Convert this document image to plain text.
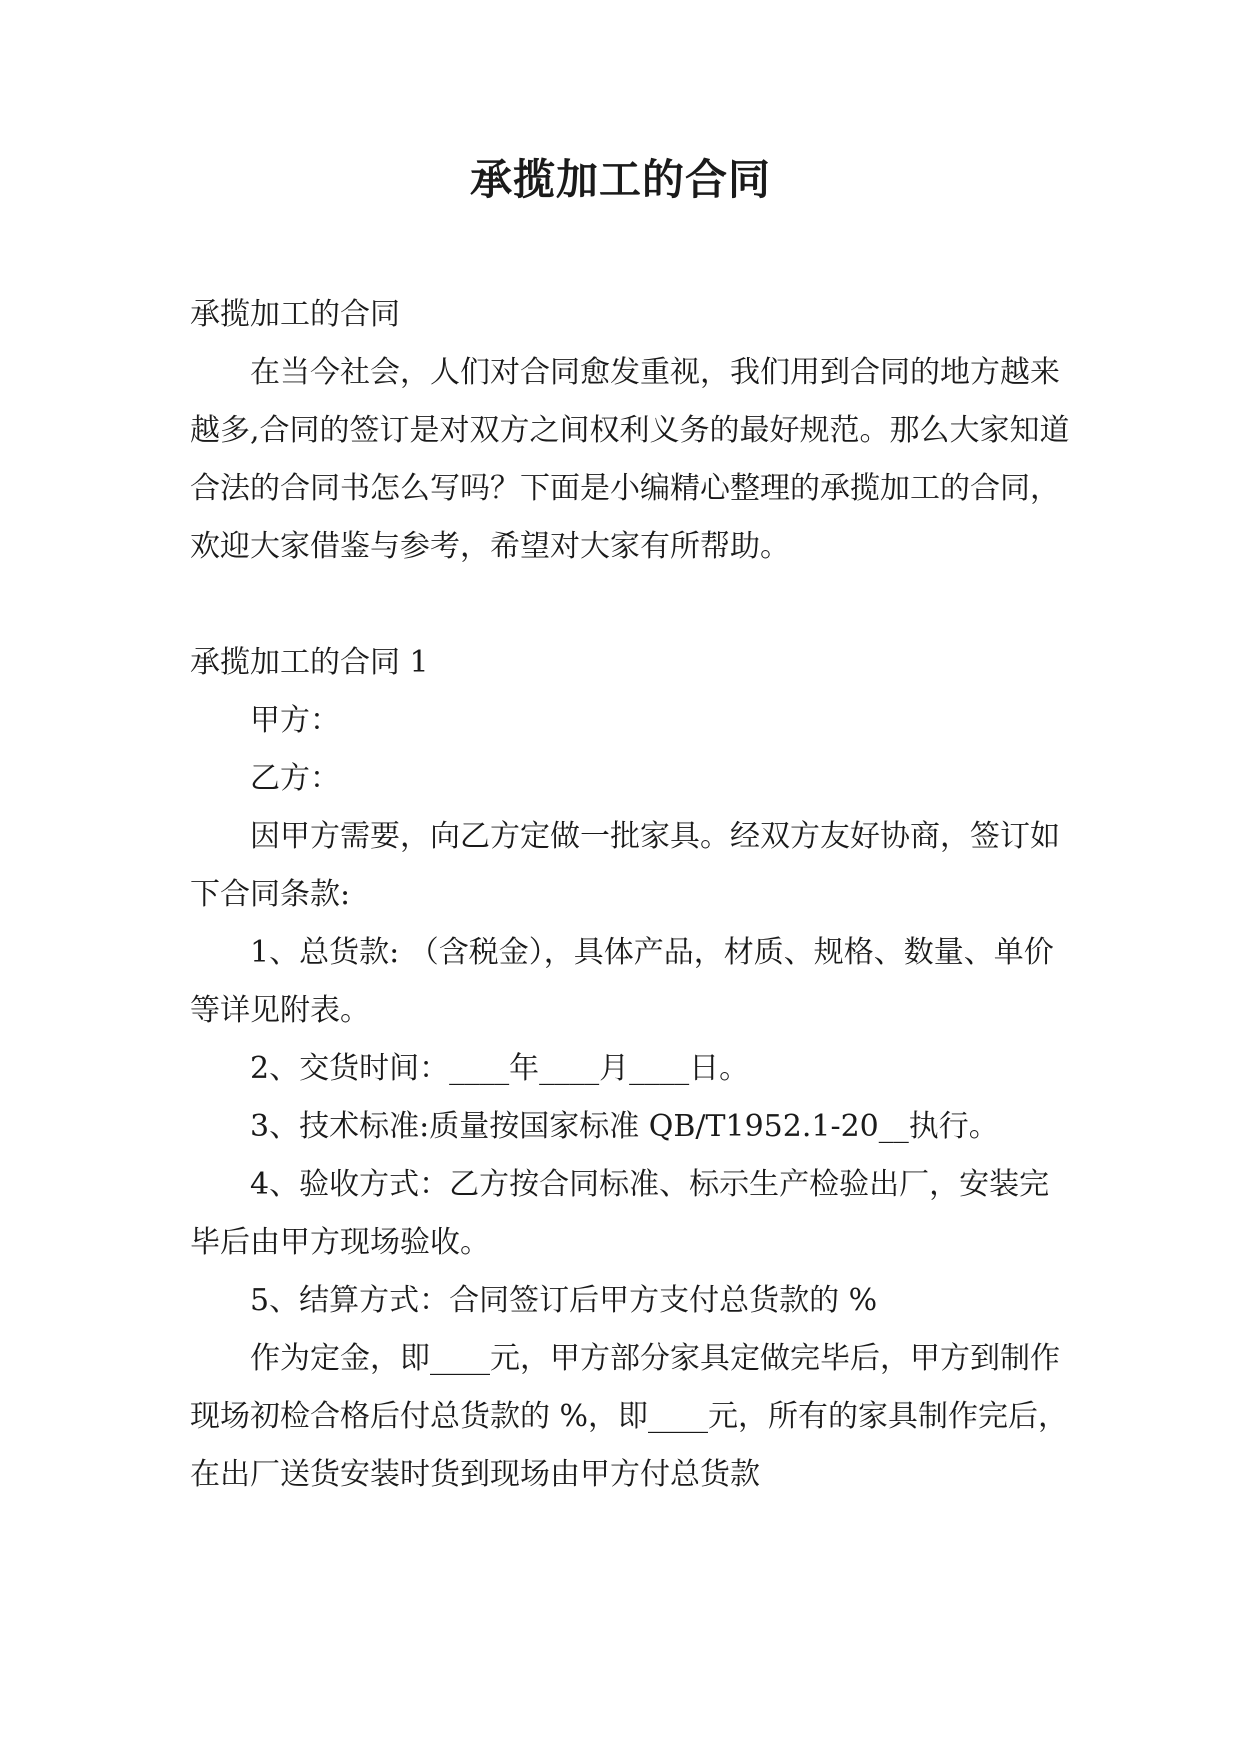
承揽加工的合同

承揽加工的合同

在当今社会，人们对合同愈发重视，我们用到合同的地方越来越多,合同的签订是对双方之间权利义务的最好规范。那么大家知道合法的合同书怎么写吗？下面是小编精心整理的承揽加工的合同，欢迎大家借鉴与参考，希望对大家有所帮助。

承揽加工的合同 1

甲方：

乙方：

因甲方需要，向乙方定做一批家具。经双方友好协商，签订如下合同条款:

1、总货款: （含税金），具体产品，材质、规格、数量、单价等详见附表。

2、交货时间：____年____月____日。

3、技术标准:质量按国家标准 QB/T1952.1-20__执行。

4、验收方式：乙方按合同标准、标示生产检验出厂，安装完毕后由甲方现场验收。

5、结算方式：合同签订后甲方支付总货款的 %

作为定金，即____元，甲方部分家具定做完毕后，甲方到制作现场初检合格后付总货款的 %，即____元，所有的家具制作完后，在出厂送货安装时货到现场由甲方付总货款
